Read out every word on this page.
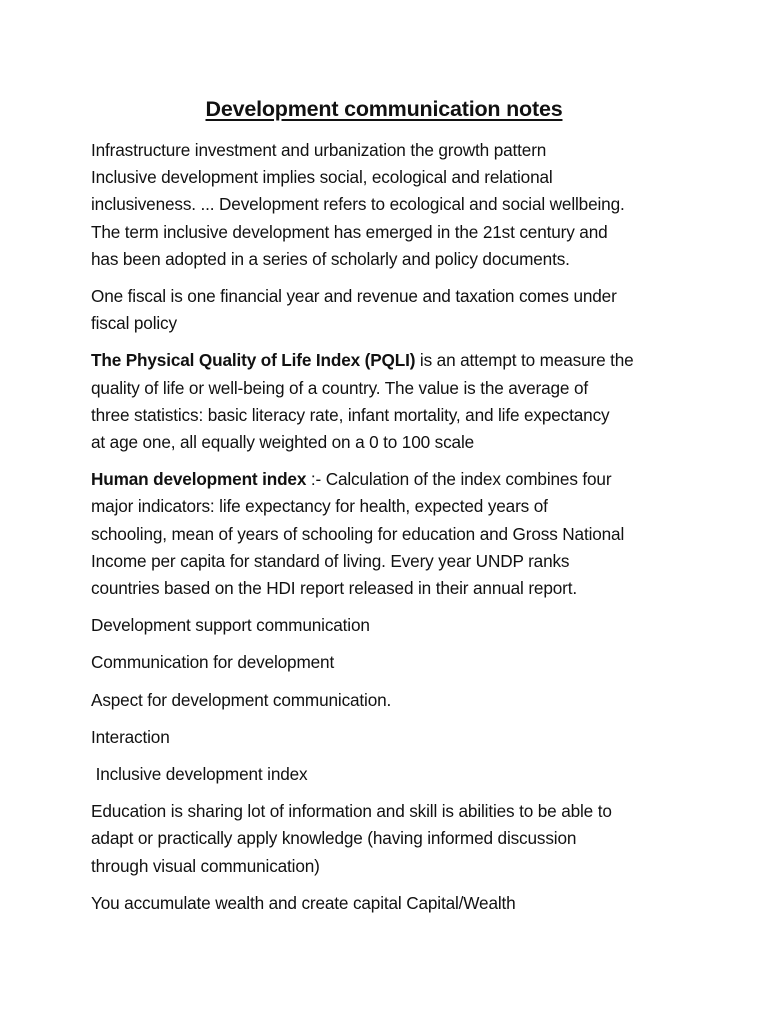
Development communication notes

Infrastructure investment and urbanization the growth pattern
Inclusive development implies social, ecological and relational
inclusiveness. ... Development refers to ecological and social wellbeing.
The term inclusive development has emerged in the 21st century and
has been adopted in a series of scholarly and policy documents.

One fiscal is one financial year and revenue and taxation comes under
fiscal policy

The Physical Quality of Life Index (PQLI) is an attempt to measure the
quality of life or well-being of a country. The value is the average of
three statistics: basic literacy rate, infant mortality, and life expectancy
at age one, all equally weighted on a 0 to 100 scale

Human development index :- Calculation of the index combines four
major indicators: life expectancy for health, expected years of
schooling, mean of years of schooling for education and Gross National
Income per capita for standard of living. Every year UNDP ranks
countries based on the HDI report released in their annual report.

Development support communication

Communication for development

Aspect for development communication.

Interaction

Inclusive development index

Education is sharing lot of information and skill is abilities to be able to
adapt or practically apply knowledge (having informed discussion
through visual communication)

You accumulate wealth and create capital Capital/Wealth
